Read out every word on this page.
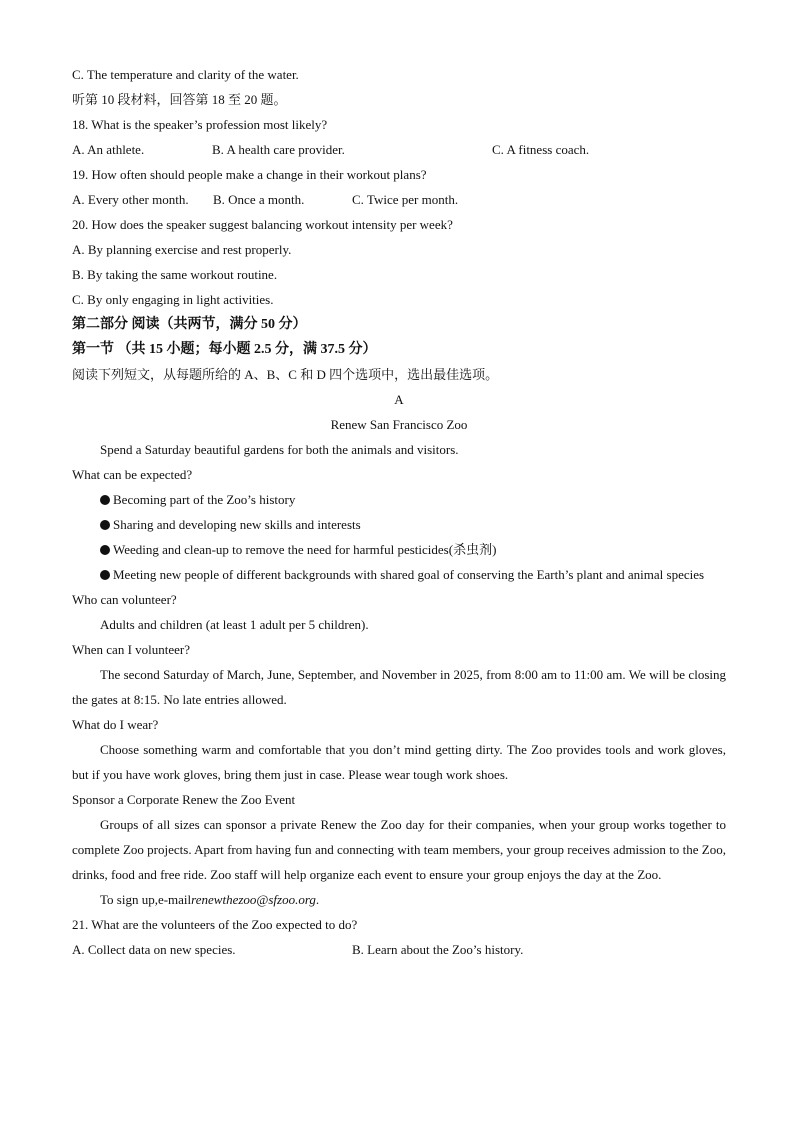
C. The temperature and clarity of the water.
听第 10 段材料，回答第 18 至 20 题。
18. What is the speaker’s profession most likely?
A. An athlete.	B. A health care provider.	C. A fitness coach.
19. How often should people make a change in their workout plans?
A. Every other month.	B. Once a month.	C. Twice per month.
20. How does the speaker suggest balancing workout intensity per week?
A. By planning exercise and rest properly.
B. By taking the same workout routine.
C. By only engaging in light activities.
第二部分 阅读（共两节，满分 50 分）
第一节 （共 15 小题；每小题 2.5 分，满 37.5 分）
阅读下列短文，从每题所给的 A、B、C 和 D 四个选项中，选出最佳选项。
A
Renew San Francisco Zoo
Spend a Saturday beautiful gardens for both the animals and visitors.
What can be expected?
Becoming part of the Zoo’s history
Sharing and developing new skills and interests
Weeding and clean-up to remove the need for harmful pesticides(杀虫剂)
Meeting new people of different backgrounds with shared goal of conserving the Earth’s plant and animal species
Who can volunteer?
Adults and children (at least 1 adult per 5 children).
When can I volunteer?
The second Saturday of March, June, September, and November in 2025, from 8:00 am to 11:00 am. We will be closing the gates at 8:15. No late entries allowed.
What do I wear?
Choose something warm and comfortable that you don’t mind getting dirty. The Zoo provides tools and work gloves, but if you have work gloves, bring them just in case. Please wear tough work shoes.
Sponsor a Corporate Renew the Zoo Event
Groups of all sizes can sponsor a private Renew the Zoo day for their companies, when your group works together to complete Zoo projects. Apart from having fun and connecting with team members, your group receives admission to the Zoo, drinks, food and free ride. Zoo staff will help organize each event to ensure your group enjoys the day at the Zoo.
To sign up,e-mailrenewthezoo@sfzoo.org.
21. What are the volunteers of the Zoo expected to do?
A. Collect data on new species.	B. Learn about the Zoo’s history.
